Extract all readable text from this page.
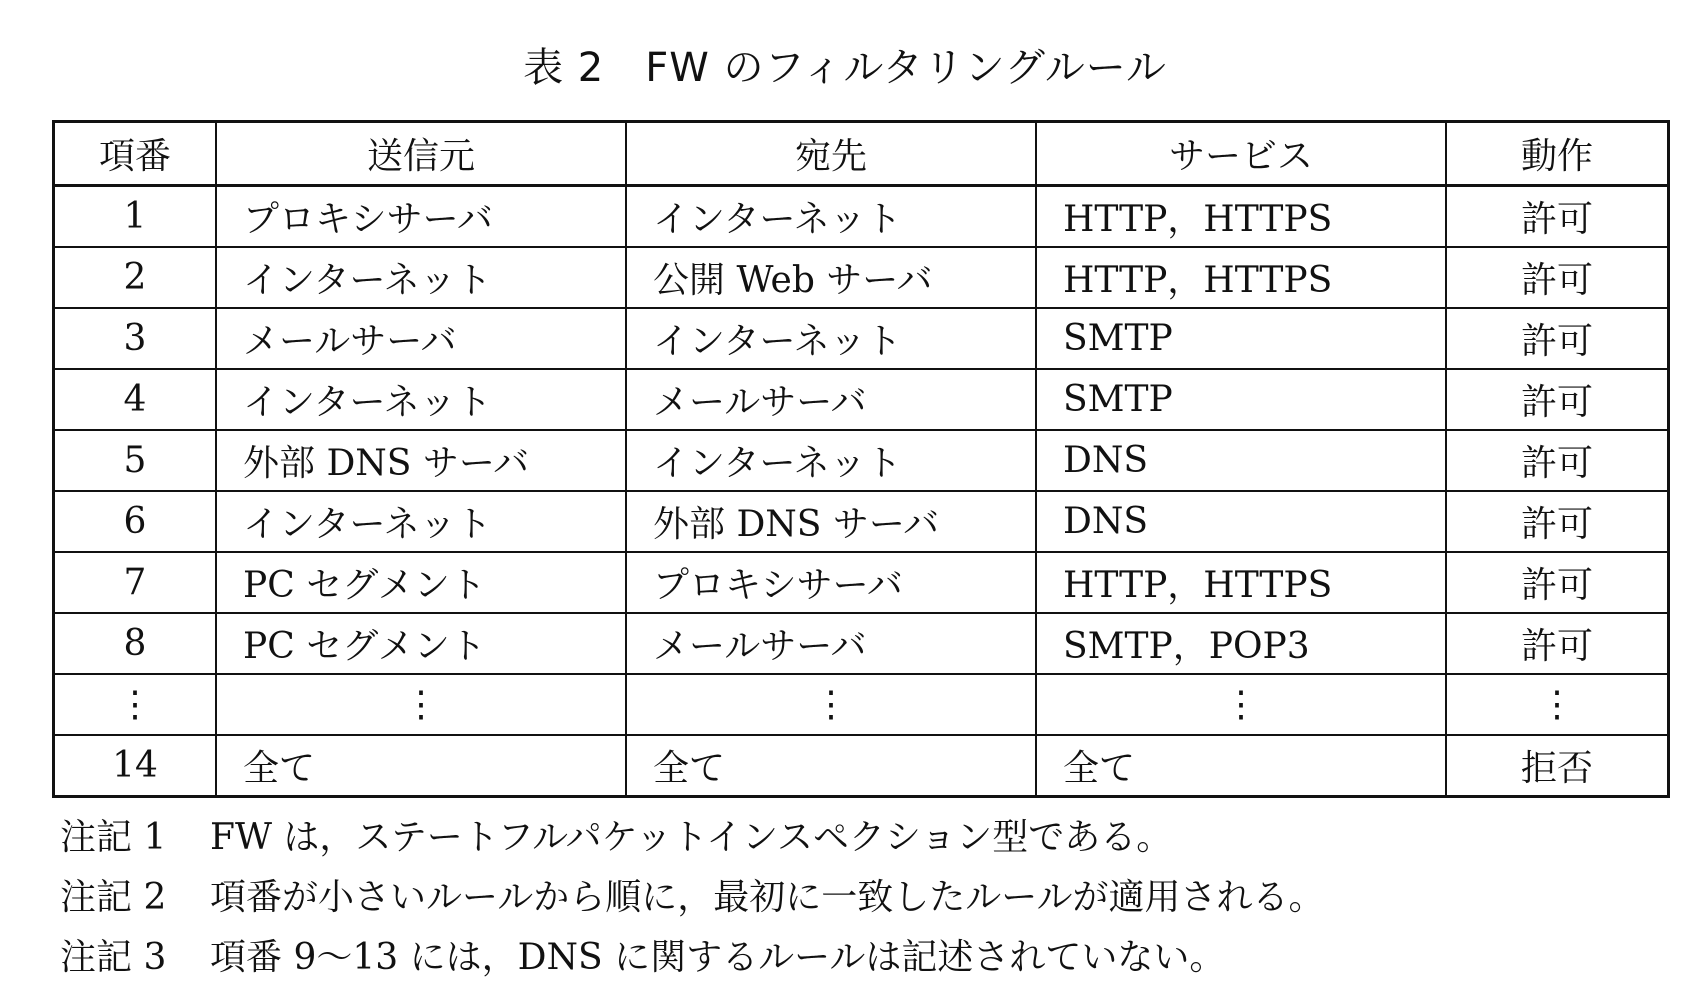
表 2　FW のフィルタリングルール
項番	送信元	宛先	サービス	動作
1	プロキシサーバ	インターネット	HTTP，HTTPS	許可
2	インターネット	公開 Web サーバ	HTTP，HTTPS	許可
3	メールサーバ	インターネット	SMTP	許可
4	インターネット	メールサーバ	SMTP	許可
5	外部 DNS サーバ	インターネット	DNS	許可
6	インターネット	外部 DNS サーバ	DNS	許可
7	PC セグメント	プロキシサーバ	HTTP，HTTPS	許可
8	PC セグメント	メールサーバ	SMTP，POP3	許可
⋮	⋮	⋮	⋮	⋮
14	全て	全て	全て	拒否
注記 1 FW は，ステートフルパケットインスペクション型である。
注記 2 項番が小さいルールから順に，最初に一致したルールが適用される。
注記 3 項番 9〜13 には，DNS に関するルールは記述されていない。
